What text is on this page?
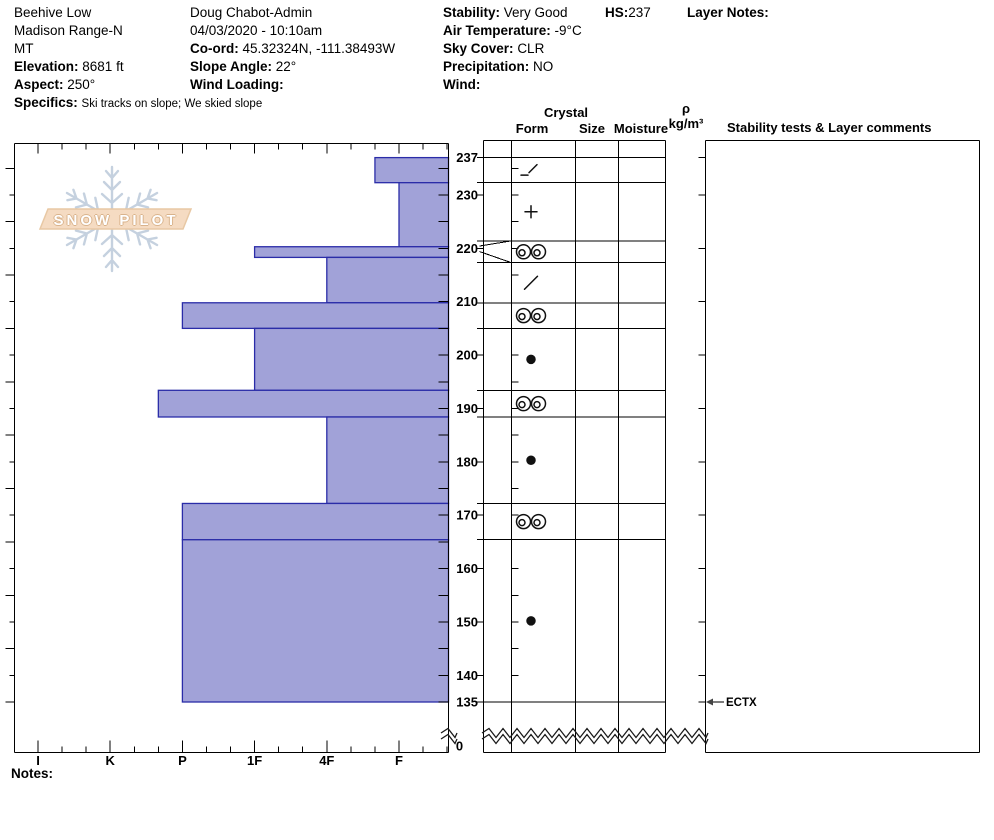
Beehive Low
Madison Range-N
MT
Elevation: 8681 ft
Aspect: 250°
Specifics: Ski tracks on slope; We skied slope
Doug Chabot-Admin
04/03/2020 - 10:10am
Co-ord: 45.32324N, -111.38493W
Slope Angle: 22°
Wind Loading:
Stability: Very Good
Air Temperature: -9°C
Sky Cover: CLR
Precipitation: NO
Wind:
HS:237	Layer Notes:
Crystal
Form Size Moisture
ρ
kg/m³ Stability tests & Layer comments
I	K	P	1F	4F	F
237
230
220
210
200
190
180
170
160
150
140
135
0
ECTX
SNOW PILOT
Notes:
